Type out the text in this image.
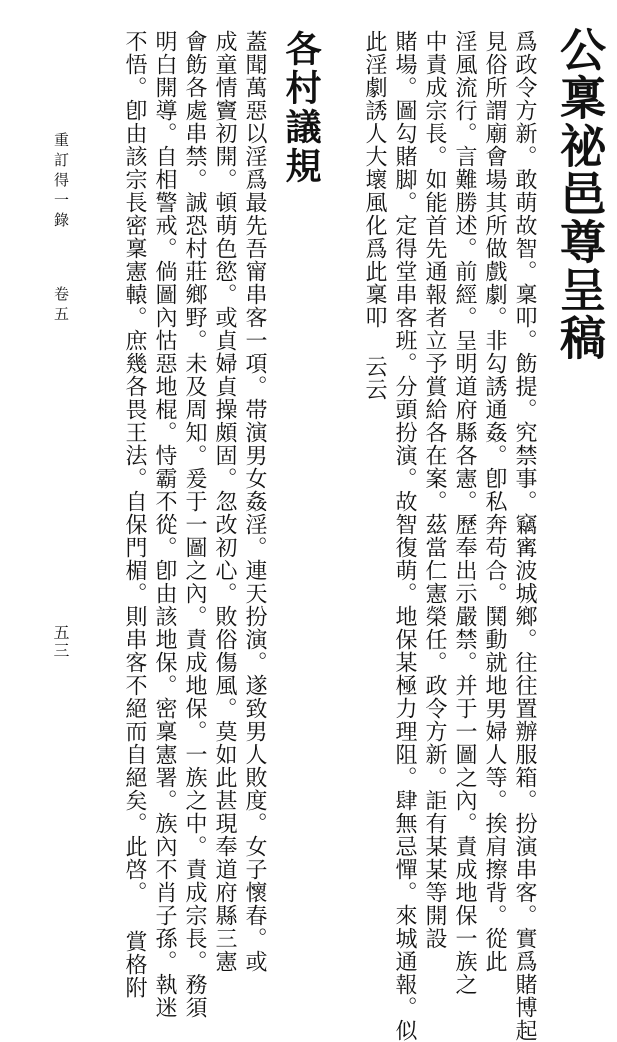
公稟祕邑尊呈稿
爲政令方新。敢萌故智。稟叩。飭提。究禁事。竊寗波城鄉。往往置辦服箱。扮演串客。實爲賭博起
見俗所謂廟會場其所做戲劇。非勾誘通姦。卽私奔苟合。鬨動就地男婦人等。挨肩擦背。從此
淫風流行。言難勝述。前經。呈明道府縣各憲。歷奉出示嚴禁。并于一圖之內。責成地保一族之
中責成宗長。如能首先通報者立予賞給各在案。茲當仁憲榮任。政令方新。詎有某某等開設
賭場。圖勾賭脚。定得堂串客班。分頭扮演。故智復萌。地保某極力理阻。肆無忌憚。來城通報。似
此淫劇誘人大壞風化爲此稟叩 云云
各村議規
蓋聞萬惡以淫爲最先吾甯串客一項。帯演男女姦淫。連天扮演。遂致男人敗度。女子懷春。或
成童情竇初開。頓萌色慾。或貞婦貞操頗固。忽改初心。敗俗傷風。莫如此甚現奉道府縣三憲
會飭各處串禁。誠恐村莊鄉野。未及周知。爰于一圖之內。責成地保。一族之中。責成宗長。務須
明白開導。自相警戒。倘圖內怙惡地棍。恃霸不從。卽由該地保。密稟憲署。族內不肖子孫。執迷
不悟。卽由該宗長密稟憲轅。庶幾各畏王法。自保門楣。則串客不絕而自絕矣。此啓。 賞格附
重訂得一錄
卷五
五三
